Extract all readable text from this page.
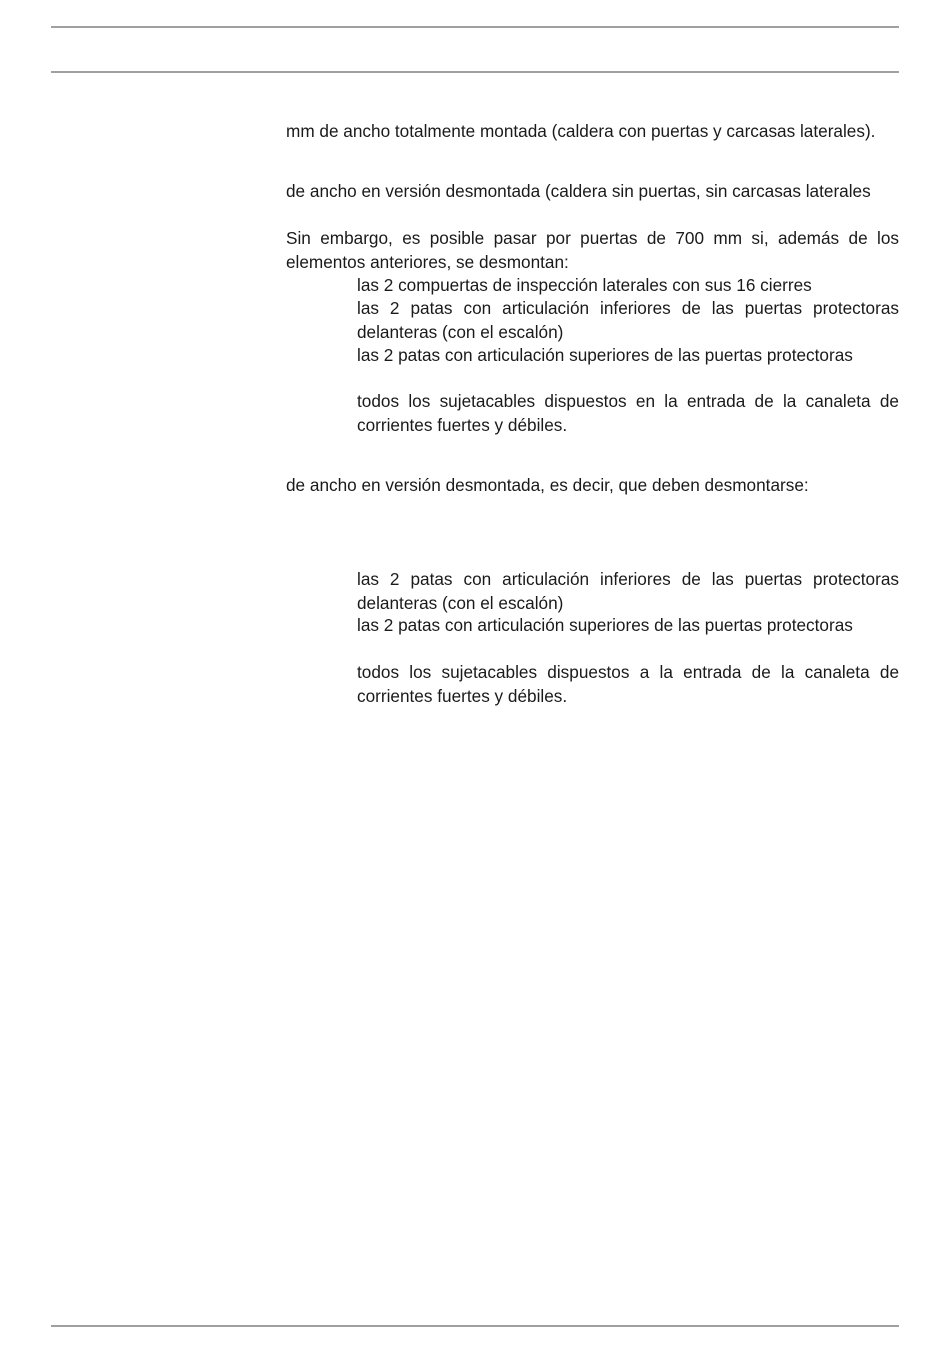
mm de ancho totalmente montada (caldera con puertas y carcasas laterales).

de ancho en versión desmontada (caldera sin puertas, sin carcasas laterales

Sin embargo, es posible pasar por puertas de 700 mm si, además de los elementos anteriores, se desmontan:

las 2 compuertas de inspección laterales con sus 16 cierres

las 2 patas con articulación inferiores de las puertas protectoras delanteras (con el escalón)

las 2 patas con articulación superiores de las puertas protectoras

todos los sujetacables dispuestos en la entrada de la canaleta de corrientes fuertes y débiles.

de ancho en versión desmontada, es decir, que deben desmontarse:

las 2 patas con articulación inferiores de las puertas protectoras delanteras (con el escalón)

las 2 patas con articulación superiores de las puertas protectoras

todos los sujetacables dispuestos a la entrada de la canaleta de corrientes fuertes y débiles.
